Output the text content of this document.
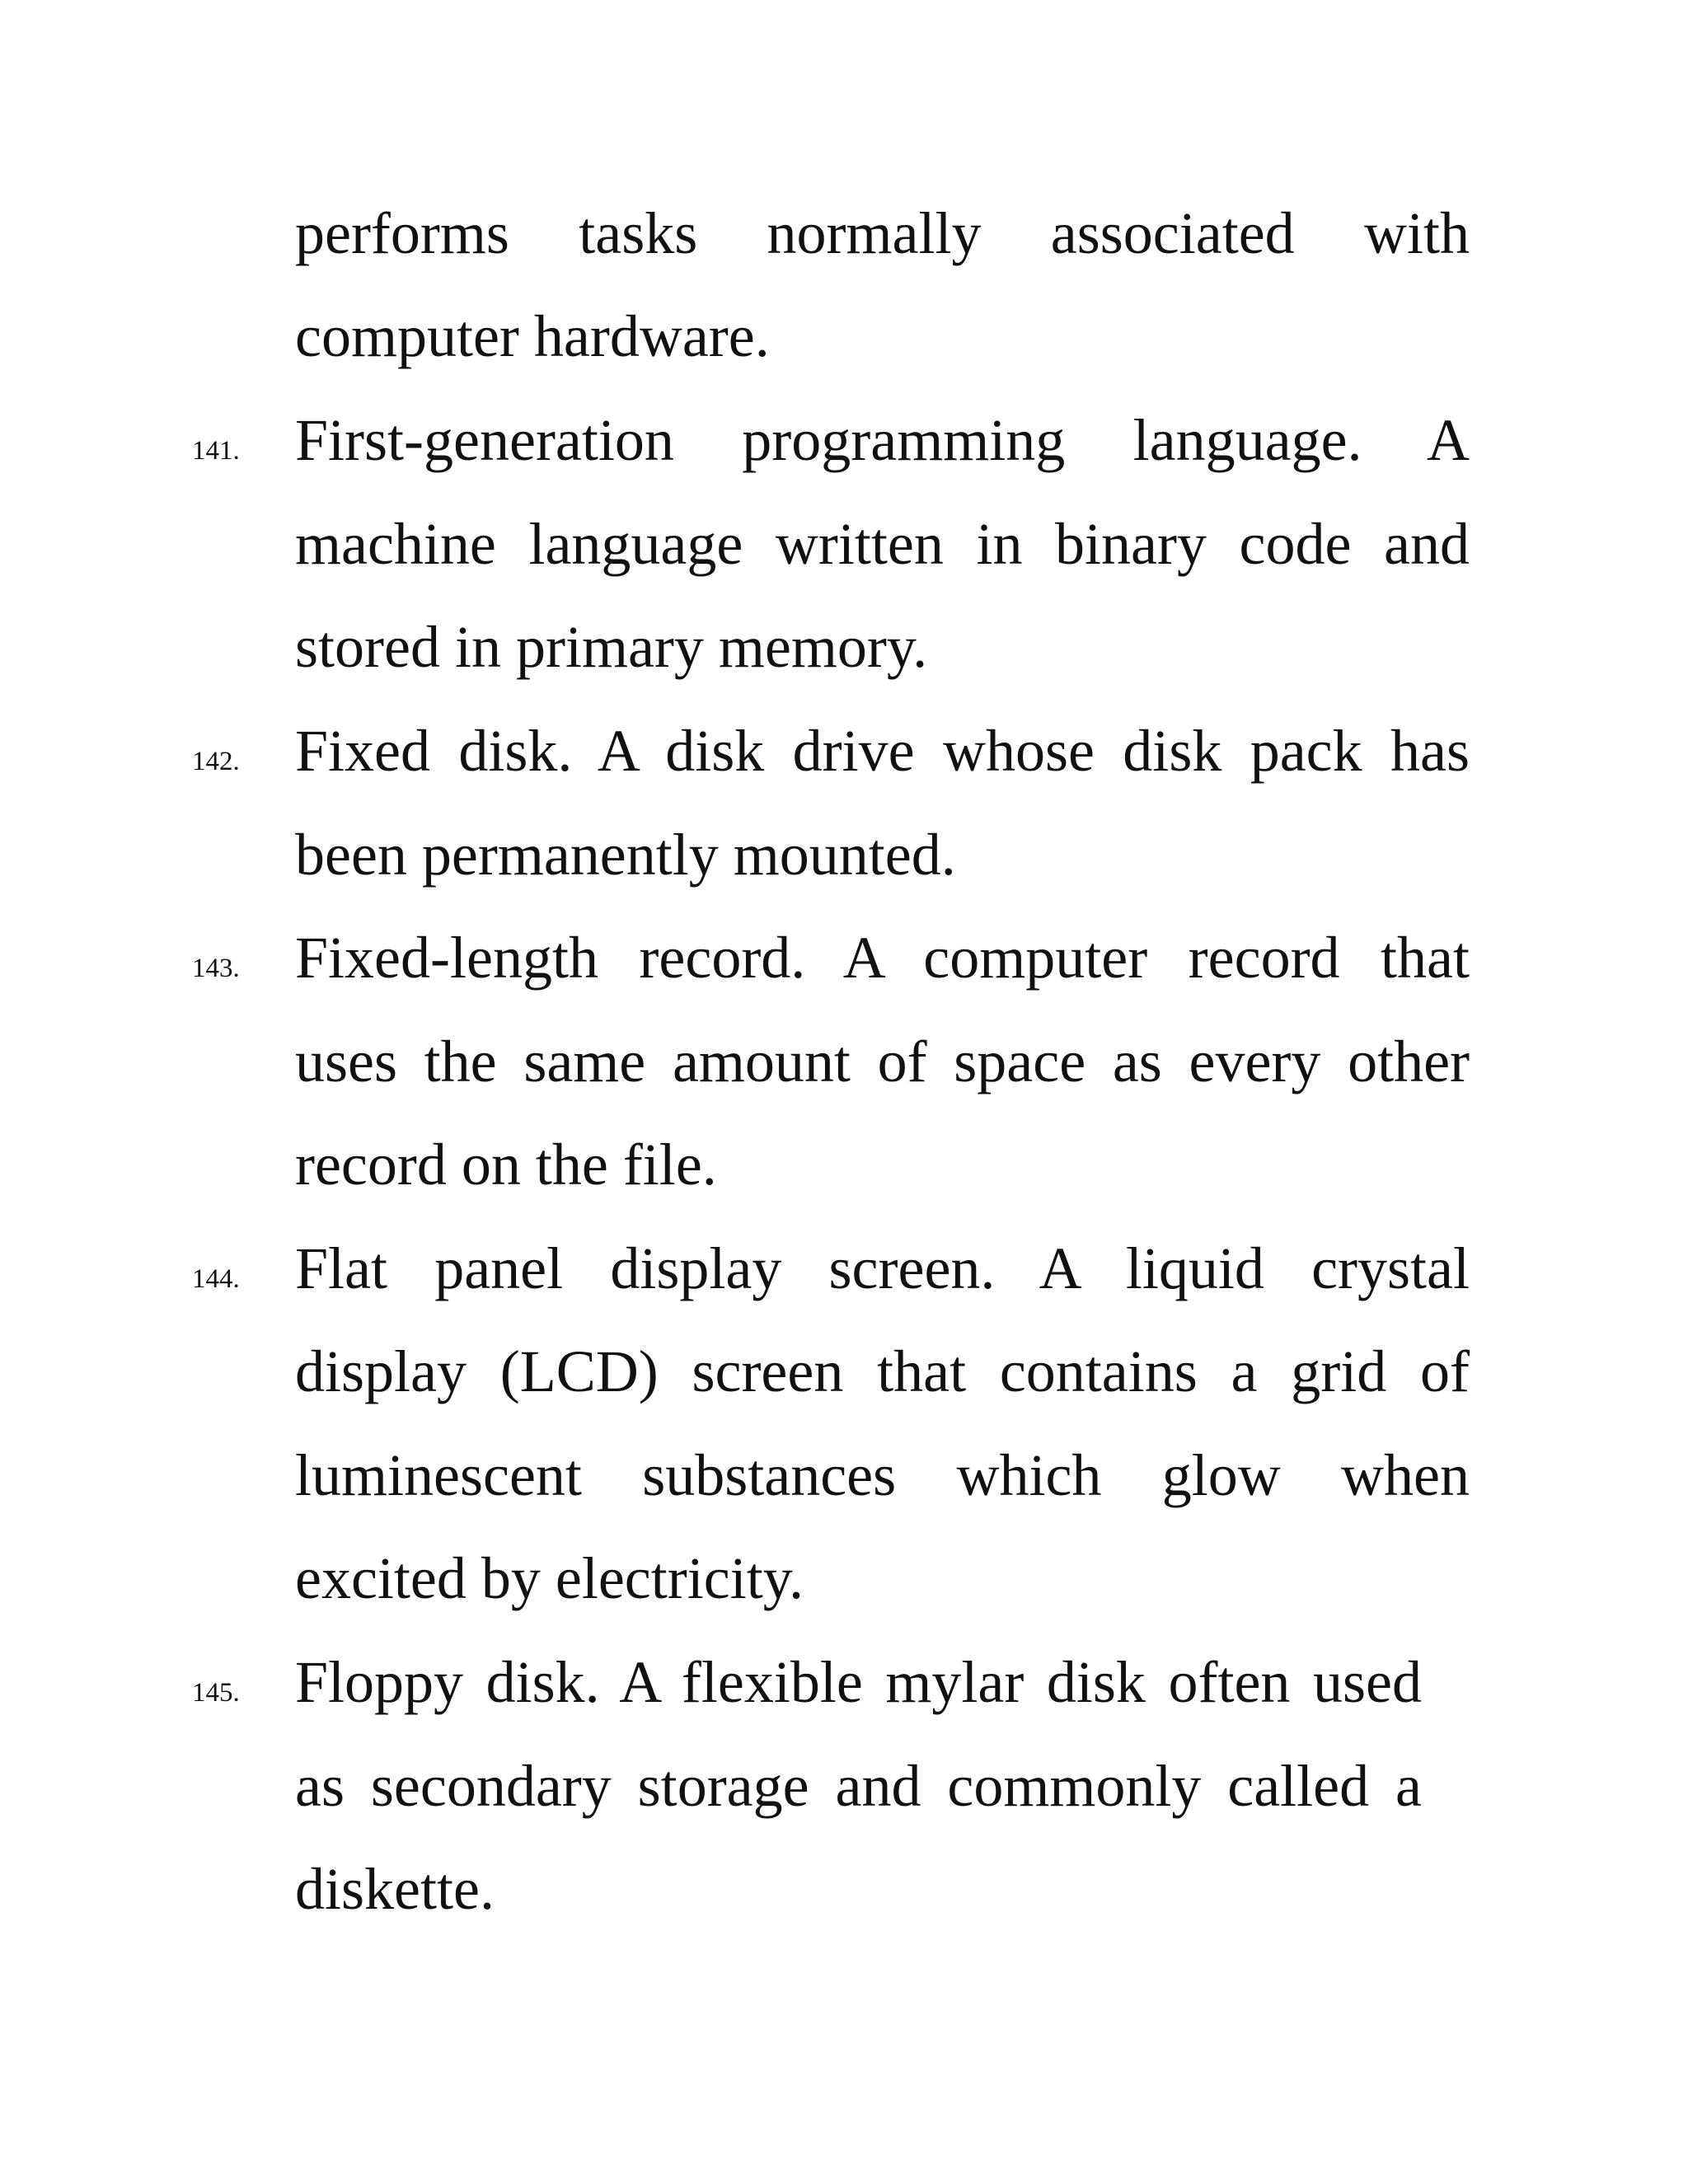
performs tasks normally associated with
computer hardware.
141. First-generation programming language. A
machine language written in binary code and
stored in primary memory.
142. Fixed disk. A disk drive whose disk pack has
been permanently mounted.
143. Fixed-length record. A computer record that
uses the same amount of space as every other
record on the file.
144. Flat panel display screen. A liquid crystal
display (LCD) screen that contains a grid of
luminescent substances which glow when
excited by electricity.
145. Floppy disk. A flexible mylar disk often used
as secondary storage and commonly called a
diskette.
